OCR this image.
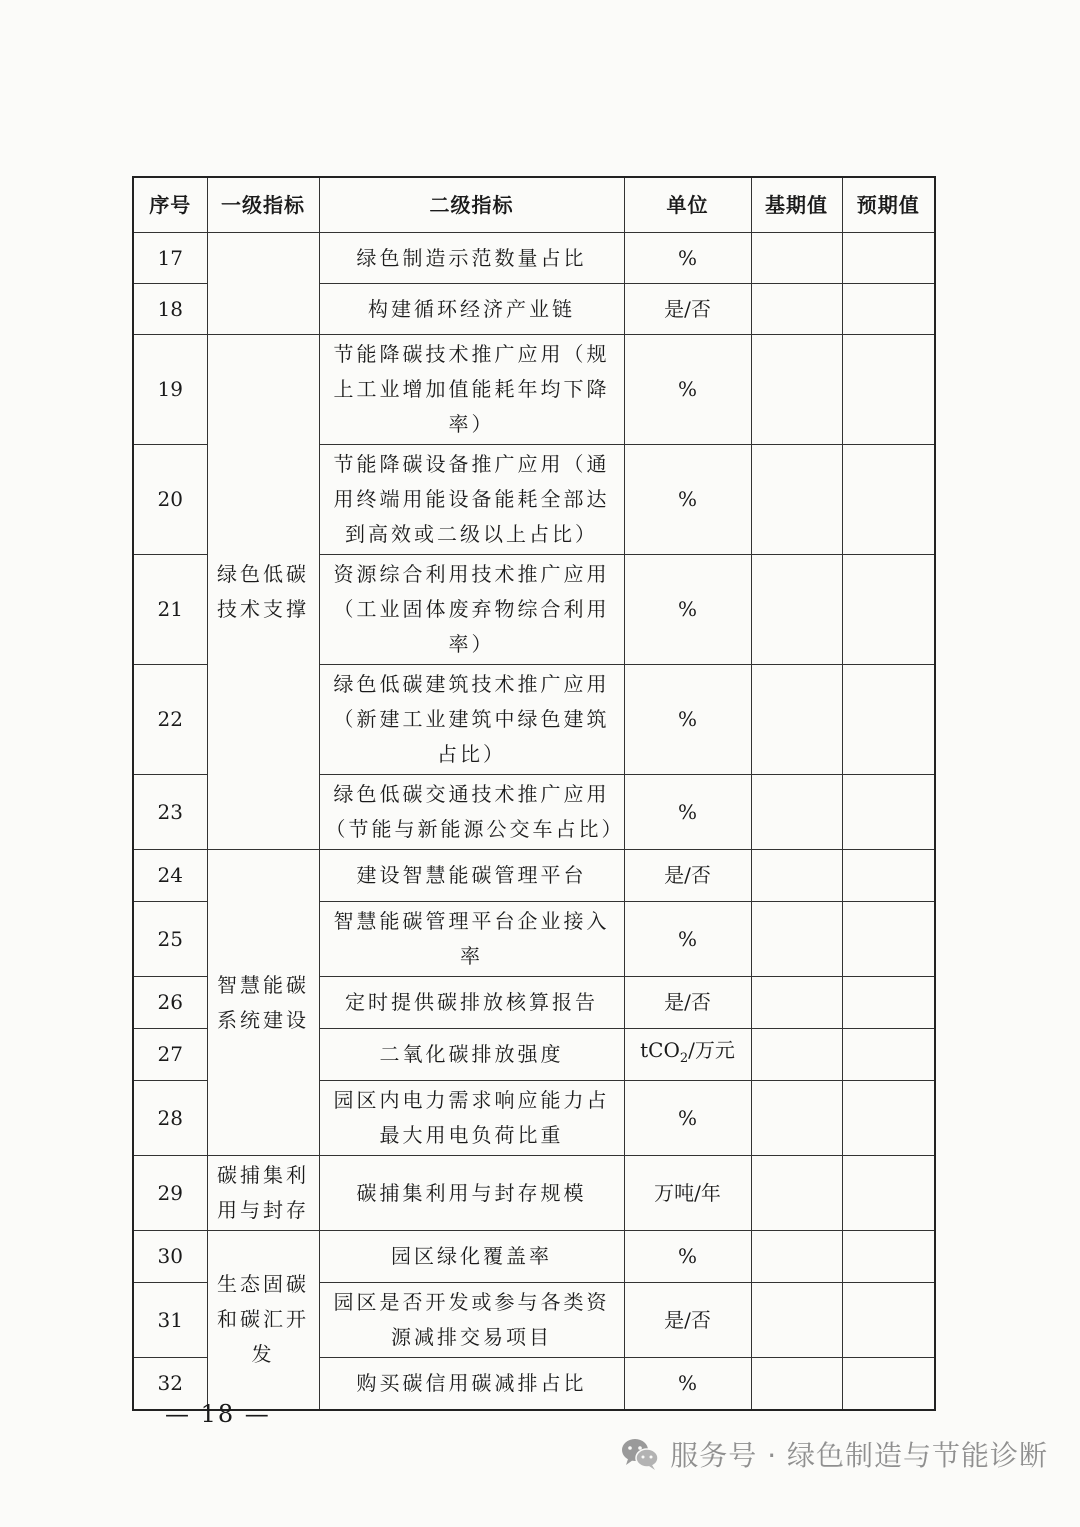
序号	一级指标	二级指标	单位	基期值	预期值
17		绿色制造示范数量占比	%		
18		构建循环经济产业链	是/否		
19	绿色低碳技术支撑	节能降碳技术推广应用（规上工业增加值能耗年均下降率）	%		
20		节能降碳设备推广应用（通用终端用能设备能耗全部达到高效或二级以上占比）	%		
21		资源综合利用技术推广应用（工业固体废弃物综合利用率）	%		
22		绿色低碳建筑技术推广应用（新建工业建筑中绿色建筑占比）	%		
23		绿色低碳交通技术推广应用（节能与新能源公交车占比）	%		
24	智慧能碳系统建设	建设智慧能碳管理平台	是/否		
25		智慧能碳管理平台企业接入率	%		
26		定时提供碳排放核算报告	是/否		
27		二氧化碳排放强度	tCO$_2$/万元		
28		园区内电力需求响应能力占最大用电负荷比重	%		
29	碳捕集利用与封存	碳捕集利用与封存规模	万吨/年		
30	生态固碳和碳汇开发	园区绿化覆盖率	%		
31		园区是否开发或参与各类资源减排交易项目	是/否		
32		购买碳信用碳减排占比	%		
— 18 —
服务号 · 绿色制造与节能诊断
